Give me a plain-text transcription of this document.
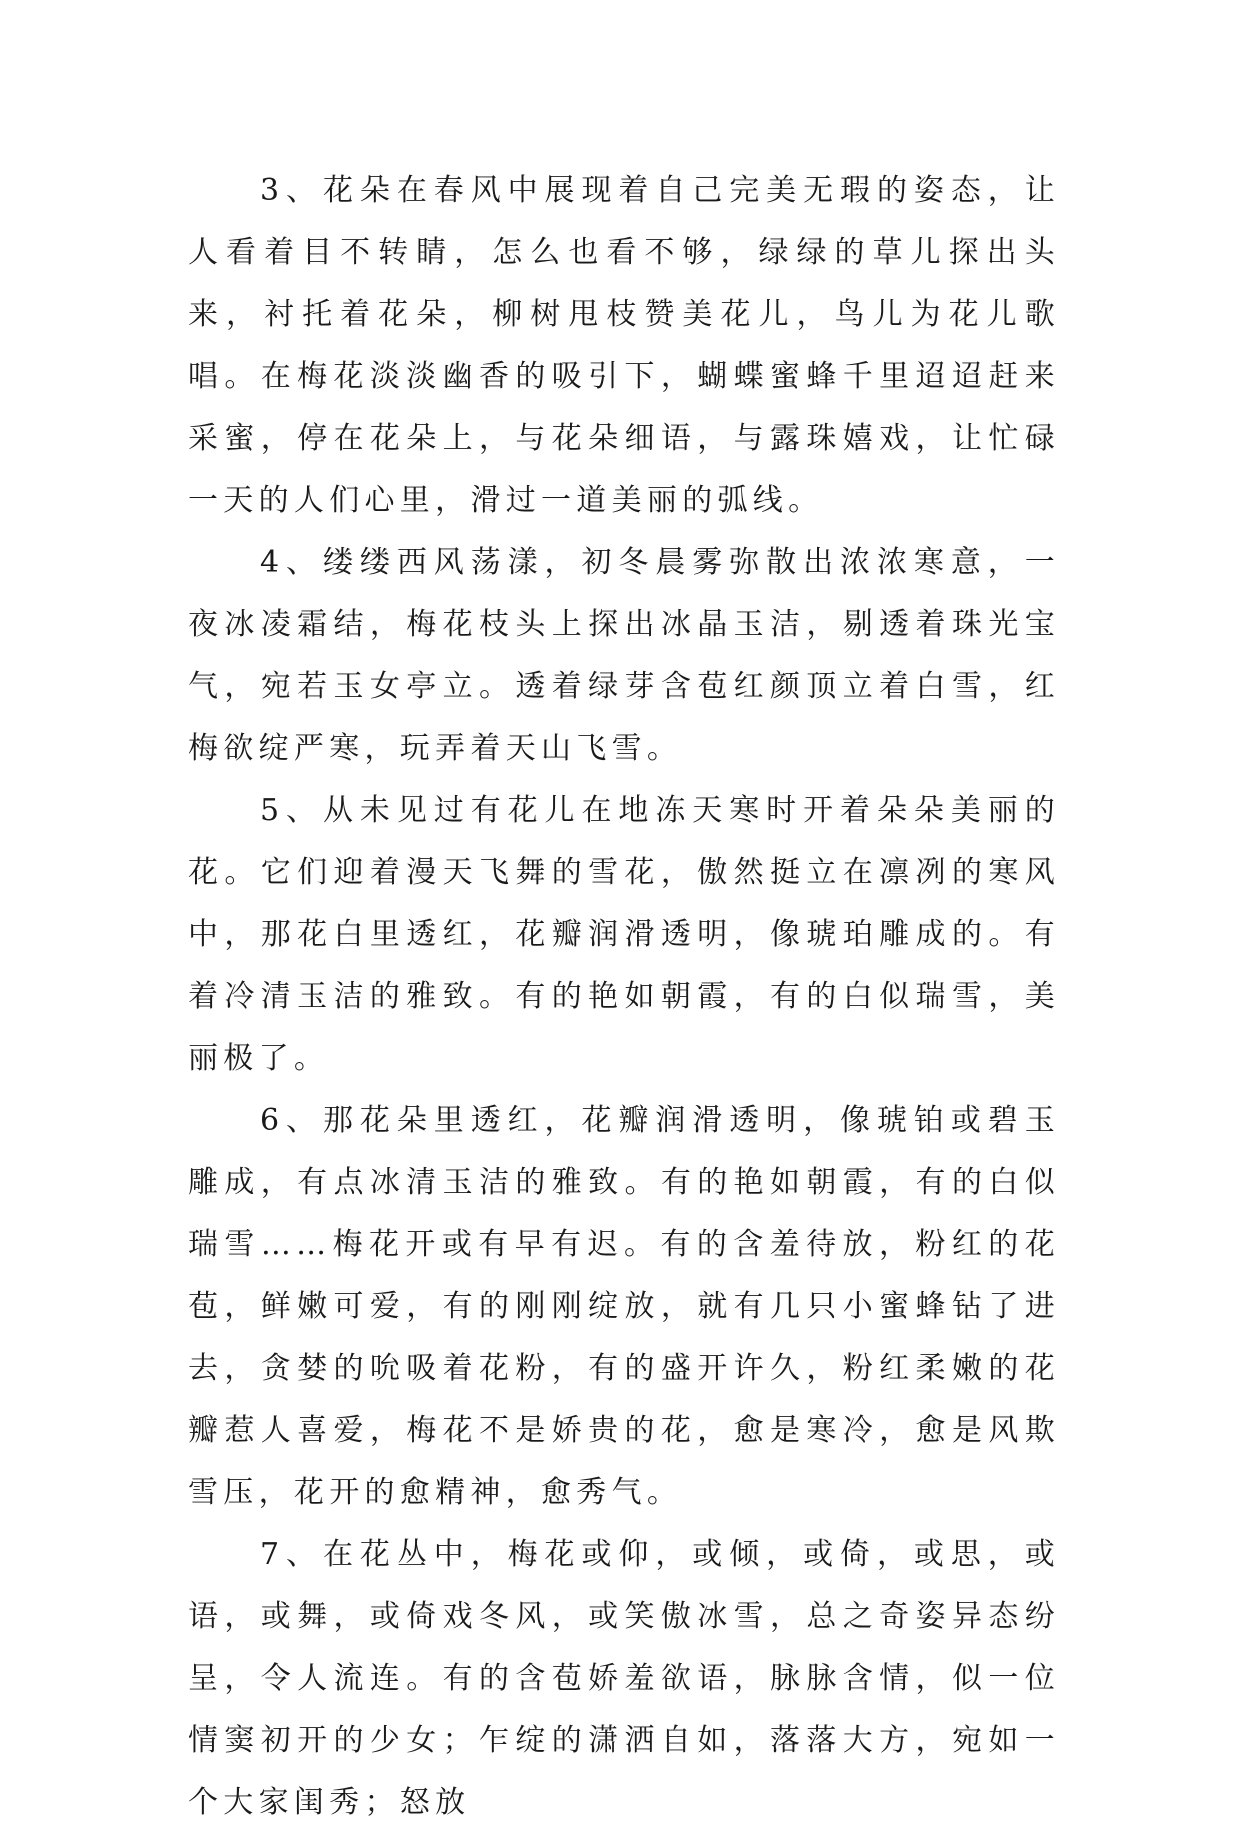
3、花朵在春风中展现着自己完美无瑕的姿态，让人看着目不转睛，怎么也看不够，绿绿的草儿探出头来，衬托着花朵，柳树甩枝赞美花儿，鸟儿为花儿歌唱。在梅花淡淡幽香的吸引下，蝴蝶蜜蜂千里迢迢赶来采蜜，停在花朵上，与花朵细语，与露珠嬉戏，让忙碌一天的人们心里，滑过一道美丽的弧线。

4、缕缕西风荡漾，初冬晨雾弥散出浓浓寒意，一夜冰凌霜结，梅花枝头上探出冰晶玉洁，剔透着珠光宝气，宛若玉女亭立。透着绿芽含苞红颜顶立着白雪，红梅欲绽严寒，玩弄着天山飞雪。

5、从未见过有花儿在地冻天寒时开着朵朵美丽的花。它们迎着漫天飞舞的雪花，傲然挺立在凛冽的寒风中，那花白里透红，花瓣润滑透明，像琥珀雕成的。有着冷清玉洁的雅致。有的艳如朝霞，有的白似瑞雪，美丽极了。

6、那花朵里透红，花瓣润滑透明，像琥铂或碧玉雕成，有点冰清玉洁的雅致。有的艳如朝霞，有的白似瑞雪……梅花开或有早有迟。有的含羞待放，粉红的花苞，鲜嫩可爱，有的刚刚绽放，就有几只小蜜蜂钻了进去，贪婪的吮吸着花粉，有的盛开许久，粉红柔嫩的花瓣惹人喜爱，梅花不是娇贵的花，愈是寒冷，愈是风欺雪压，花开的愈精神，愈秀气。

7、在花丛中，梅花或仰，或倾，或倚，或思，或语，或舞，或倚戏冬风，或笑傲冰雪，总之奇姿异态纷呈，令人流连。有的含苞娇羞欲语，脉脉含情，似一位情窦初开的少女；乍绽的潇洒自如，落落大方，宛如一个大家闺秀；怒放
